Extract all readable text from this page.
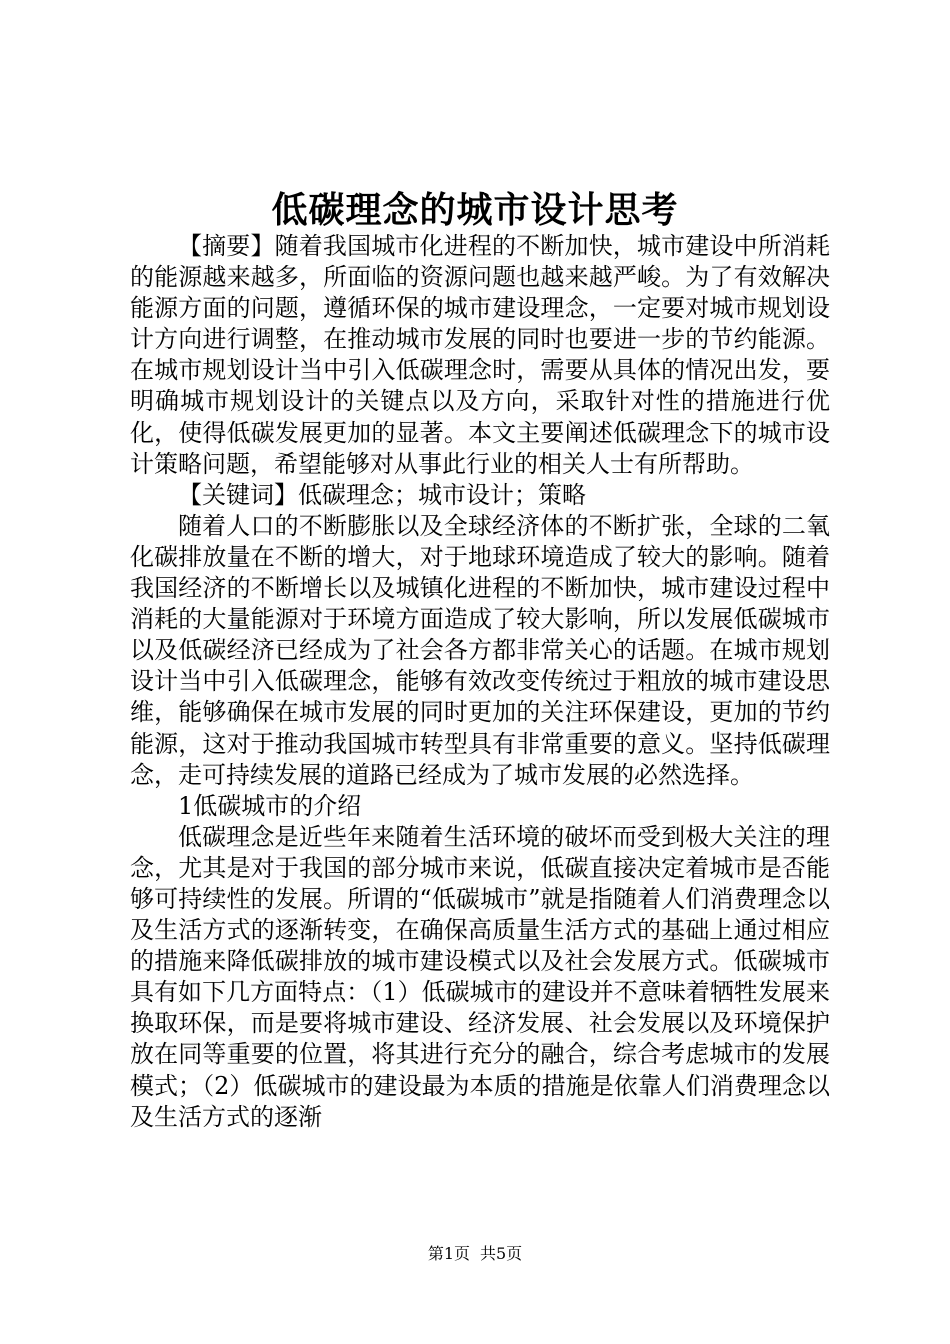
低碳理念的城市设计思考

【摘要】随着我国城市化进程的不断加快，城市建设中所消耗的能源越来越多，所面临的资源问题也越来越严峻。为了有效解决能源方面的问题，遵循环保的城市建设理念，一定要对城市规划设计方向进行调整，在推动城市发展的同时也要进一步的节约能源。在城市规划设计当中引入低碳理念时，需要从具体的情况出发，要明确城市规划设计的关键点以及方向，采取针对性的措施进行优化，使得低碳发展更加的显著。本文主要阐述低碳理念下的城市设计策略问题，希望能够对从事此行业的相关人士有所帮助。

【关键词】低碳理念；城市设计；策略

随着人口的不断膨胀以及全球经济体的不断扩张，全球的二氧化碳排放量在不断的增大，对于地球环境造成了较大的影响。随着我国经济的不断增长以及城镇化进程的不断加快，城市建设过程中消耗的大量能源对于环境方面造成了较大影响，所以发展低碳城市以及低碳经济已经成为了社会各方都非常关心的话题。在城市规划设计当中引入低碳理念，能够有效改变传统过于粗放的城市建设思维，能够确保在城市发展的同时更加的关注环保建设，更加的节约能源，这对于推动我国城市转型具有非常重要的意义。坚持低碳理念，走可持续发展的道路已经成为了城市发展的必然选择。

1低碳城市的介绍

低碳理念是近些年来随着生活环境的破坏而受到极大关注的理念，尤其是对于我国的部分城市来说，低碳直接决定着城市是否能够可持续性的发展。所谓的“低碳城市”就是指随着人们消费理念以及生活方式的逐渐转变，在确保高质量生活方式的基础上通过相应的措施来降低碳排放的城市建设模式以及社会发展方式。低碳城市具有如下几方面特点：（1）低碳城市的建设并不意味着牺牲发展来换取环保，而是要将城市建设、经济发展、社会发展以及环境保护放在同等重要的位置，将其进行充分的融合，综合考虑城市的发展模式；（2）低碳城市的建设最为本质的措施是依靠人们消费理念以及生活方式的逐渐

第1页 共5页
